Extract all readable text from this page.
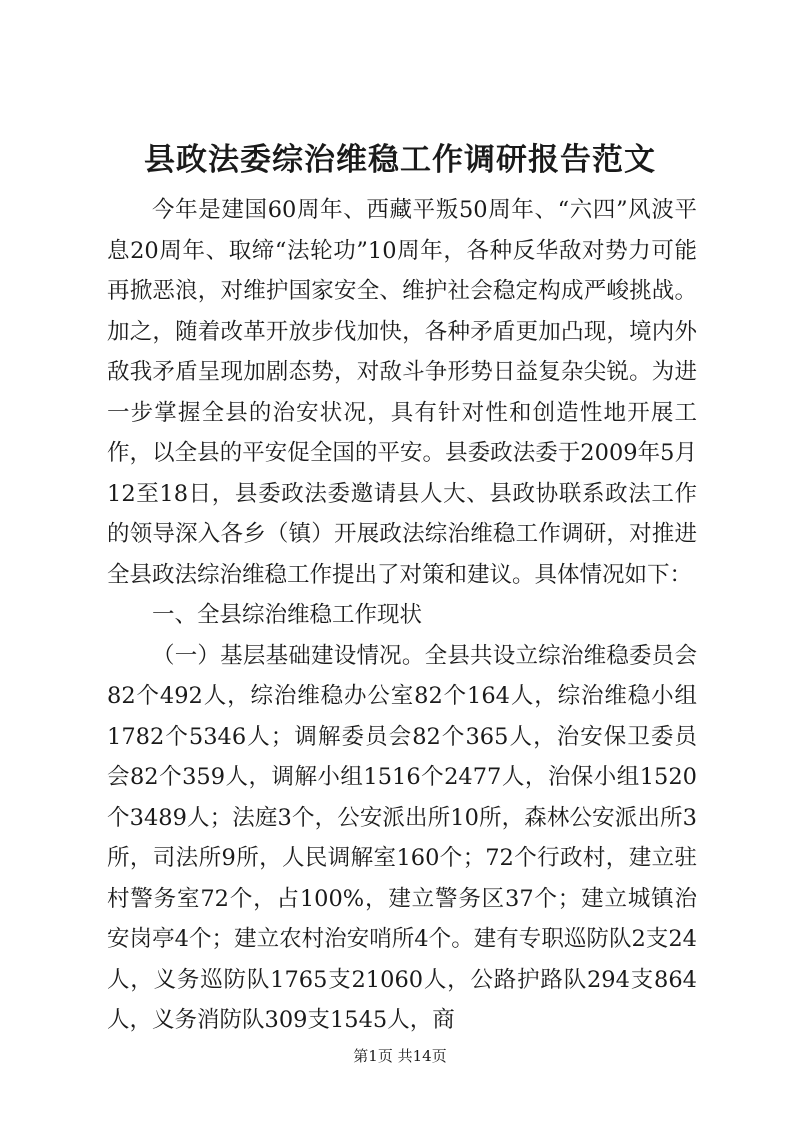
县政法委综治维稳工作调研报告范文

今年是建国60周年、西藏平叛50周年、“六四”风波平息20周年、取缔“法轮功”10周年，各种反华敌对势力可能再掀恶浪，对维护国家安全、维护社会稳定构成严峻挑战。加之，随着改革开放步伐加快，各种矛盾更加凸现，境内外敌我矛盾呈现加剧态势，对敌斗争形势日益复杂尖锐。为进一步掌握全县的治安状况，具有针对性和创造性地开展工作，以全县的平安促全国的平安。县委政法委于2009年5月12至18日，县委政法委邀请县人大、县政协联系政法工作的领导深入各乡（镇）开展政法综治维稳工作调研，对推进全县政法综治维稳工作提出了对策和建议。具体情况如下：

一、全县综治维稳工作现状

（一）基层基础建设情况。全县共设立综治维稳委员会82个492人，综治维稳办公室82个164人，综治维稳小组1782个5346人；调解委员会82个365人，治安保卫委员会82个359人，调解小组1516个2477人，治保小组1520个3489人；法庭3个，公安派出所10所，森林公安派出所3所，司法所9所，人民调解室160个；72个行政村，建立驻村警务室72个，占100%，建立警务区37个；建立城镇治安岗亭4个；建立农村治安哨所4个。建有专职巡防队2支24人，义务巡防队1765支21060人，公路护路队294支864人，义务消防队309支1545人，商

第1页 共14页
